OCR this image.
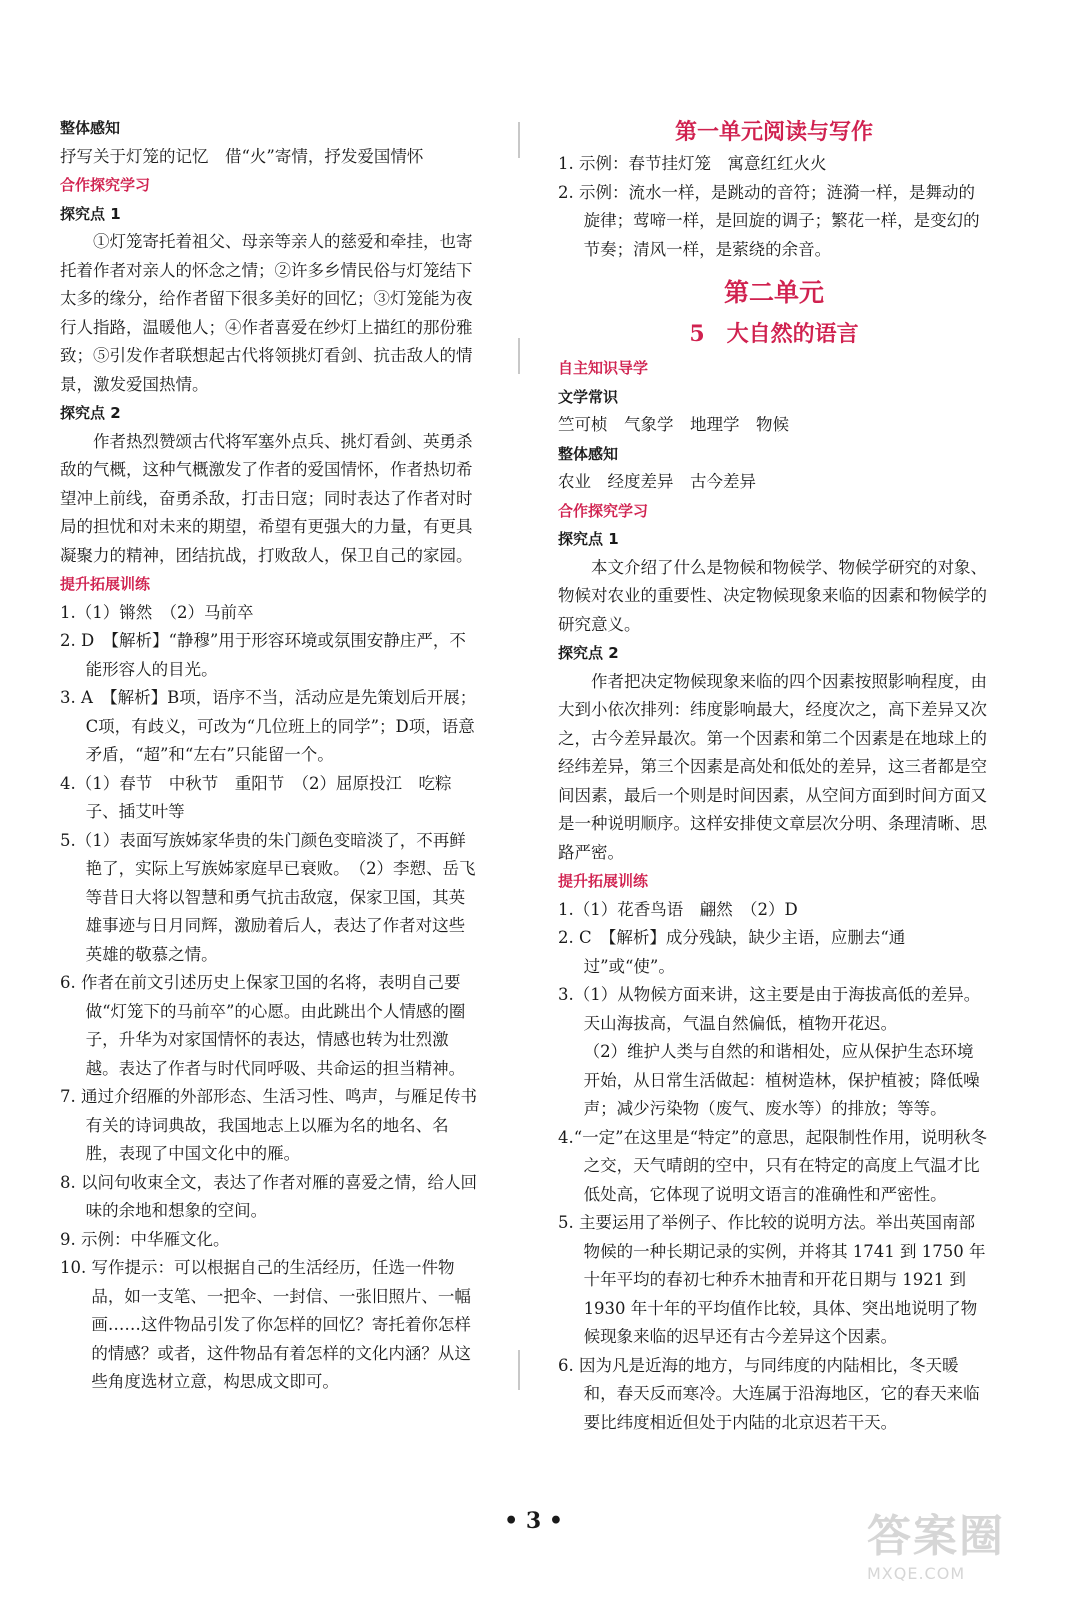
整体感知

抒写关于灯笼的记忆　借“火”寄情，抒发爱国情怀

合作探究学习
探究点 1

①灯笼寄托着祖父、母亲等亲人的慈爱和牵挂，也寄托着作者对亲人的怀念之情；②许多乡情民俗与灯笼结下太多的缘分，给作者留下很多美好的回忆；③灯笼能为夜行人指路，温暖他人；④作者喜爱在纱灯上描红的那份雅致；⑤引发作者联想起古代将领挑灯看剑、抗击敌人的情景，激发爱国热情。

探究点 2

作者热烈赞颂古代将军塞外点兵、挑灯看剑、英勇杀敌的气概，这种气概激发了作者的爱国情怀，作者热切希望冲上前线，奋勇杀敌，打击日寇；同时表达了作者对时局的担忧和对未来的期望，希望有更强大的力量，有更具凝聚力的精神，团结抗战，打败敌人，保卫自己的家园。

提升拓展训练

1.（1）锵然　（2）马前卒

2. D　【解析】“静穆”用于形容环境或氛围安静庄严，不能形容人的目光。

3. A　【解析】B项，语序不当，活动应是先策划后开展；C项，有歧义，可改为“几位班上的同学”；D项，语意矛盾，“超”和“左右”只能留一个。

4.（1）春节　中秋节　重阳节　（2）屈原投江　吃粽子、插艾叶等

5.（1）表面写族姊家华贵的朱门颜色变暗淡了，不再鲜艳了，实际上写族姊家庭早已衰败。　（2）李愬、岳飞等昔日大将以智慧和勇气抗击敌寇，保家卫国，其英雄事迹与日月同辉，激励着后人，表达了作者对这些英雄的敬慕之情。

6. 作者在前文引述历史上保家卫国的名将，表明自己要做“灯笼下的马前卒”的心愿。由此跳出个人情感的圈子，升华为对家国情怀的表达，情感也转为壮烈激越。表达了作者与时代同呼吸、共命运的担当精神。

7. 通过介绍雁的外部形态、生活习性、鸣声，与雁足传书有关的诗词典故，我国地志上以雁为名的地名、名胜，表现了中国文化中的雁。

8. 以问句收束全文，表达了作者对雁的喜爱之情，给人回味的余地和想象的空间。

9. 示例：中华雁文化。

10. 写作提示：可以根据自己的生活经历，任选一件物品，如一支笔、一把伞、一封信、一张旧照片、一幅画……这件物品引发了你怎样的回忆？寄托着你怎样的情感？或者，这件物品有着怎样的文化内涵？从这些角度选材立意，构思成文即可。

第一单元阅读与写作

1. 示例：春节挂灯笼　寓意红红火火

2. 示例：流水一样，是跳动的音符；涟漪一样，是舞动的旋律；莺啼一样，是回旋的调子；繁花一样，是变幻的节奏；清风一样，是萦绕的余音。

第二单元
5　大自然的语言
自主知识导学
文学常识

竺可桢　气象学　地理学　物候

整体感知

农业　经度差异　古今差异

合作探究学习
探究点 1

本文介绍了什么是物候和物候学、物候学研究的对象、物候对农业的重要性、决定物候现象来临的因素和物候学的研究意义。

探究点 2

作者把决定物候现象来临的四个因素按照影响程度，由大到小依次排列：纬度影响最大，经度次之，高下差异又次之，古今差异最次。第一个因素和第二个因素是在地球上的经纬差异，第三个因素是高处和低处的差异，这三者都是空间因素，最后一个则是时间因素，从空间方面到时间方面又是一种说明顺序。这样安排使文章层次分明、条理清晰、思路严密。

提升拓展训练

1.（1）花香鸟语　翩然　（2）D

2. C　【解析】成分残缺，缺少主语，应删去“通过”或“使”。

3.（1）从物候方面来讲，这主要是由于海拔高低的差异。天山海拔高，气温自然偏低，植物开花迟。

（2）维护人类与自然的和谐相处，应从保护生态环境开始，从日常生活做起：植树造林，保护植被；降低噪声；减少污染物（废气、废水等）的排放；等等。

4.“一定”在这里是“特定”的意思，起限制性作用，说明秋冬之交，天气晴朗的空中，只有在特定的高度上气温才比低处高，它体现了说明文语言的准确性和严密性。

5. 主要运用了举例子、作比较的说明方法。举出英国南部物候的一种长期记录的实例，并将其 1741 到 1750 年十年平均的春初七种乔木抽青和开花日期与 1921 到 1930 年十年的平均值作比较，具体、突出地说明了物候现象来临的迟早还有古今差异这个因素。

6. 因为凡是近海的地方，与同纬度的内陆相比，冬天暖和，春天反而寒冷。大连属于沿海地区，它的春天来临要比纬度相近但处于内陆的北京迟若干天。

• 3 •	答案圈
MXQE.COM
